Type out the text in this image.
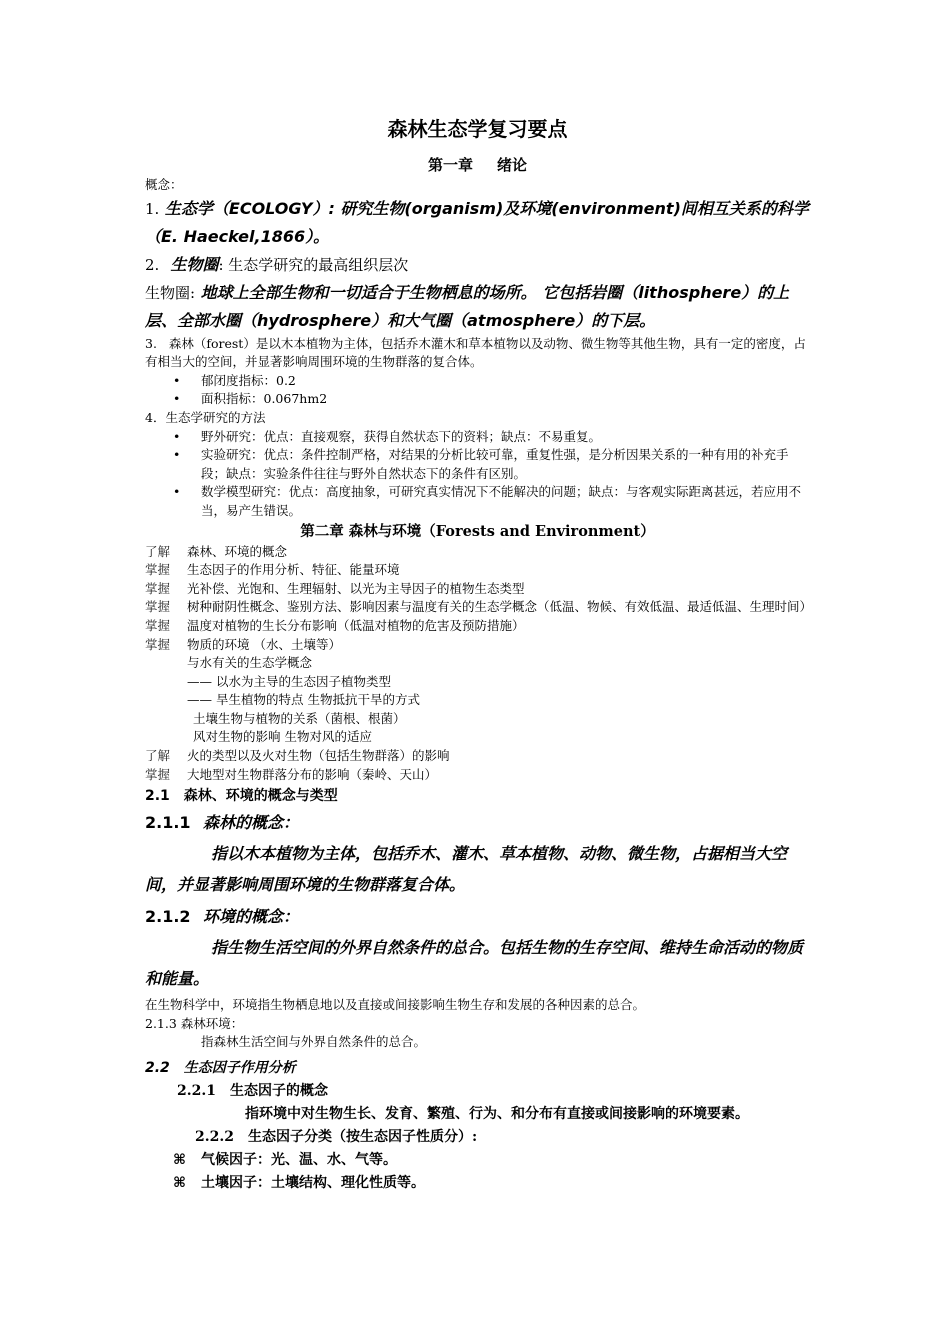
森林生态学复习要点
第一章 绪论
概念：
1. 生态学（ECOLOGY）: 研究生物(organism)及环境(environment)间相互关系的科学（E. Haeckel,1866）。
2. 生物圈: 生态学研究的最高组织层次
生物圈: 地球上全部生物和一切适合于生物栖息的场所。 它包括岩圈（lithosphere）的上层、全部水圈（hydrosphere）和大气圈（atmosphere）的下层。
3. 森林（forest）是以木本植物为主体，包括乔木灌木和草本植物以及动物、微生物等其他生物，具有一定的密度，占有相当大的空间，并显著影响周围环境的生物群落的复合体。
• 郁闭度指标：0.2
• 面积指标：0.067hm2
4．生态学研究的方法
• 野外研究：优点：直接观察，获得自然状态下的资料；缺点：不易重复。
• 实验研究：优点：条件控制严格，对结果的分析比较可靠，重复性强，是分析因果关系的一种有用的补充手段；缺点：实验条件往往与野外自然状态下的条件有区别。
• 数学模型研究：优点：高度抽象，可研究真实情况下不能解决的问题；缺点：与客观实际距离甚远，若应用不当，易产生错误。
第二章 森林与环境（Forests and Environment）
了解	森林、环境的概念
掌握	生态因子的作用分析、特征、能量环境
掌握	光补偿、光饱和、生理辐射、以光为主导因子的植物生态类型
掌握	树种耐阴性概念、鉴别方法、影响因素与温度有关的生态学概念（低温、物候、有效低温、最适低温、生理时间）
掌握	温度对植物的生长分布影响（低温对植物的危害及预防措施）
掌握	物质的环境 （水、土壤等）
与水有关的生态学概念
—— 以水为主导的生态因子植物类型
—— 旱生植物的特点 生物抵抗干旱的方式
土壤生物与植物的关系（菌根、根菌）
风对生物的影响 生物对风的适应
了解	火的类型以及火对生物（包括生物群落）的影响
掌握	大地型对生物群落分布的影响（秦岭、天山）
2.1　森林、环境的概念与类型
2.1.1 森林的概念：
指以木本植物为主体，包括乔木、灌木、草本植物、动物、微生物，占据相当大空间，并显著影响周围环境的生物群落复合体。
2.1.2 环境的概念：
指生物生活空间的外界自然条件的总合。包括生物的生存空间、维持生命活动的物质和能量。
在生物科学中，环境指生物栖息地以及直接或间接影响生物生存和发展的各种因素的总合。
2.1.3 森林环境：
指森林生活空间与外界自然条件的总合。
2.2　生态因子作用分析
2.2.1　生态因子的概念
指环境中对生物生长、发育、繁殖、行为、和分布有直接或间接影响的环境要素。
2.2.2　生态因子分类（按生态因子性质分）:
⌘ 气候因子：光、温、水、气等。
⌘ 土壤因子：土壤结构、理化性质等。
